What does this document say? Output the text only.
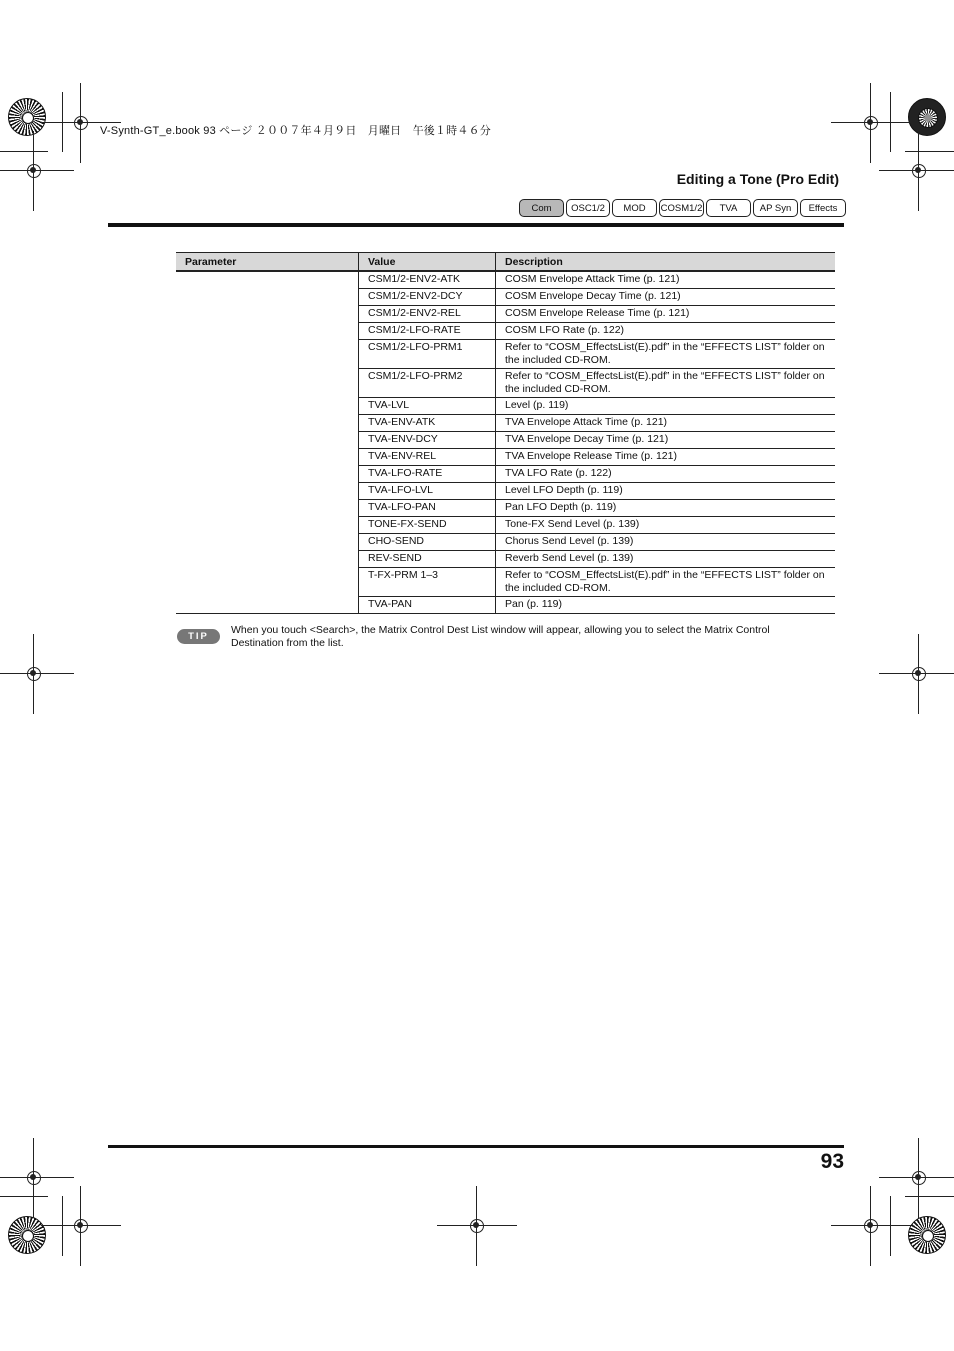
V-Synth-GT_e.book 93 ページ ２００７年４月９日　月曜日　午後１時４６分
Editing a Tone (Pro Edit)
Com	OSC1/2	MOD	COSM1/2	TVA	AP Syn	Effects
Parameter	Value	Description
	CSM1/2-ENV2-ATK	COSM Envelope Attack Time (p. 121)
	CSM1/2-ENV2-DCY	COSM Envelope Decay Time (p. 121)
	CSM1/2-ENV2-REL	COSM Envelope Release Time (p. 121)
	CSM1/2-LFO-RATE	COSM LFO Rate (p. 122)
	CSM1/2-LFO-PRM1	Refer to “COSM_EffectsList(E).pdf” in the “EFFECTS LIST” folder on the included CD-ROM.
	CSM1/2-LFO-PRM2	Refer to “COSM_EffectsList(E).pdf” in the “EFFECTS LIST” folder on the included CD-ROM.
	TVA-LVL	Level (p. 119)
	TVA-ENV-ATK	TVA Envelope Attack Time (p. 121)
	TVA-ENV-DCY	TVA Envelope Decay Time (p. 121)
	TVA-ENV-REL	TVA Envelope Release Time (p. 121)
	TVA-LFO-RATE	TVA LFO Rate (p. 122)
	TVA-LFO-LVL	Level LFO Depth (p. 119)
	TVA-LFO-PAN	Pan LFO Depth (p. 119)
	TONE-FX-SEND	Tone-FX Send Level (p. 139)
	CHO-SEND	Chorus Send Level (p. 139)
	REV-SEND	Reverb Send Level (p. 139)
	T-FX-PRM 1–3	Refer to “COSM_EffectsList(E).pdf” in the “EFFECTS LIST” folder on the included CD-ROM.
	TVA-PAN	Pan (p. 119)
TIP
When you touch <Search>, the Matrix Control Dest List window will appear, allowing you to select the Matrix Control Destination from the list.
93
